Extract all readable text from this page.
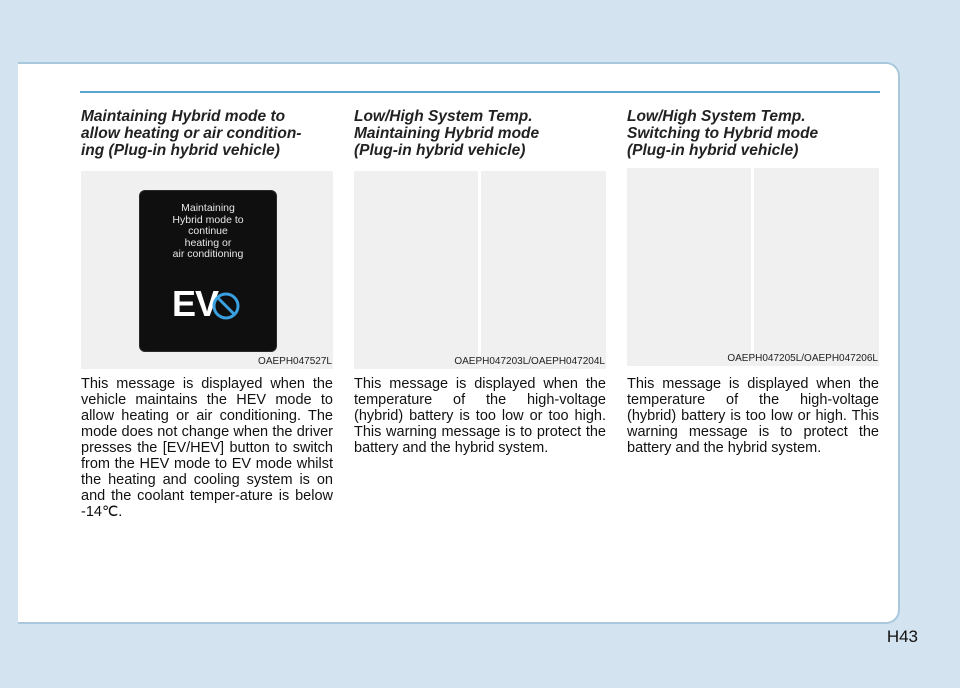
Maintaining Hybrid mode to
allow heating or air condition-
ing (Plug-in hybrid vehicle)
Maintaining
Hybrid mode to
continue
heating or
air conditioning
EV
OAEPH047527L

This message is displayed when the vehicle maintains the HEV mode to allow heating or air conditioning. The mode does not change when the driver presses the [EV/HEV] button to switch from the HEV mode to EV mode whilst the heating and cooling system is on and the coolant temper-ature is below -14℃.

Low/High System Temp.
Maintaining Hybrid mode
(Plug-in hybrid vehicle)
OAEPH047203L/OAEPH047204L

This message is displayed when the temperature of the high-voltage (hybrid) battery is too low or too high. This warning message is to protect the battery and the hybrid system.

Low/High System Temp.
Switching to Hybrid mode
(Plug-in hybrid vehicle)
OAEPH047205L/OAEPH047206L

This message is displayed when the temperature of the high-voltage (hybrid) battery is too low or high. This warning message is to protect the battery and the hybrid system.

H43
